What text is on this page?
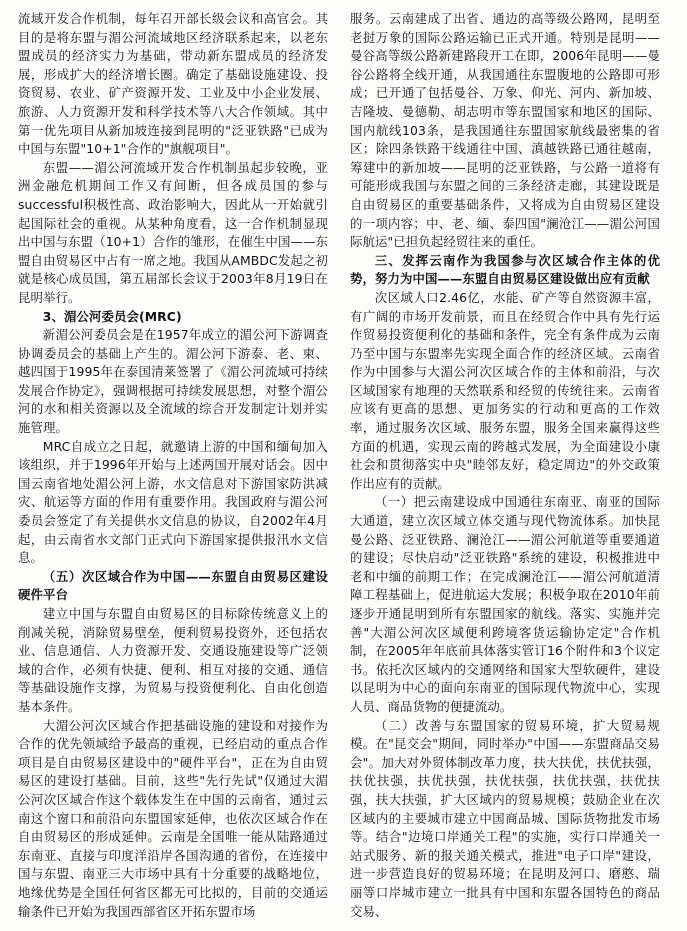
流域开发合作机制，每年召开部长级会议和高官会。其目的是将东盟与湄公河流域地区经济联系起来，以老东盟成员的经济实力为基础，带动新东盟成员的经济发展，形成扩大的经济增长圈。确定了基础设施建设、投资贸易、农业、矿产资源开发、工业及中小企业发展、旅游、人力资源开发和科学技术等八大合作领域。其中第一优先项目从新加坡连接到昆明的"泛亚铁路"已成为中国与东盟"10+1"合作的"旗舰项目"。

东盟——湄公河流域开发合作机制虽起步较晚，亚洲金融危机期间工作又有间断，但各成员国的参与successful积极性高、政治影响大，因此从一开始就引起国际社会的重视。从某种角度看，这一合作机制显现出中国与东盟（10+1）合作的雏形，在催生中国——东盟自由贸易区中占有一席之地。我国从AMBDC发起之初就是核心成员国，第五届部长会议于2003年8月19日在昆明举行。

3、湄公河委员会(MRC)

新湄公河委员会是在1957年成立的湄公河下游调查协调委员会的基础上产生的。湄公河下游泰、老、柬、越四国于1995年在泰国清莱签署了《湄公河流域可持续发展合作协定》，强调根据可持续发展思想，对整个湄公河的水和相关资源以及全流域的综合开发制定计划并实施管理。

MRC自成立之日起，就邀请上游的中国和缅甸加入该组织，并于1996年开始与上述两国开展对话会。因中国云南省地处湄公河上游，水文信息对下游国家防洪减灾、航运等方面的作用有重要作用。我国政府与湄公河委员会签定了有关提供水文信息的协议，自2002年4月起，由云南省水文部门正式向下游国家提供报汛水文信息。

（五）次区域合作为中国——东盟自由贸易区建设硬件平台

建立中国与东盟自由贸易区的目标除传统意义上的削减关税，消除贸易壁垒，便利贸易投资外，还包括农业、信息通信、人力资源开发、交通设施建设等广泛领域的合作，必须有快捷、便利、相互对接的交通、通信等基础设施作支撑，为贸易与投资便利化、自由化创造基本条件。

大湄公河次区域合作把基础设施的建设和对接作为合作的优先领域给予最高的重视，已经启动的重点合作项目是自由贸易区建设中的"硬件平台"，正在为自由贸易区的建设打基础。目前，这些"先行先试"仅通过大湄公河次区域合作这个载体发生在中国的云南省，通过云南这个窗口和前沿向东盟国家延伸，也依次区域合作在自由贸易区的形成延伸。云南是全国唯一能从陆路通过东南亚、直接与印度洋沿岸各国沟通的省份，在连接中国与东盟、南亚三大市场中具有十分重要的战略地位，地缘优势是全国任何省区都无可比拟的，目前的交通运输条件已开始为我国西部省区开拓东盟市场

服务。云南建成了出省、通边的高等级公路网，昆明至老挝万象的国际公路运输已正式开通。特别是昆明——曼谷高等级公路新建路段开工在即，2006年昆明——曼谷公路将全线开通，从我国通往东盟腹地的公路即可形成；已开通了包括曼谷、万象、仰光、河内、新加坡、吉隆坡、曼德勒、胡志明市等东盟国家和地区的国际、国内航线103条，是我国通往东盟国家航线最密集的省区；除四条铁路干线通往中国、滇越铁路已通往越南，筹建中的新加坡——昆明的泛亚铁路，与公路一道将有可能形成我国与东盟之间的三条经济走廊，其建设既是自由贸易区的重要基础条件，又将成为自由贸易区建设的一项内容；中、老、缅、泰四国"澜沧江——湄公河国际航运"已担负起经贸往来的重任。

三、发挥云南作为我国参与次区域合作主体的优势，努力为中国——东盟自由贸易区建设做出应有贡献

次区域人口2.46亿，水能、矿产等自然资源丰富，有广阔的市场开发前景，而且在经贸合作中具有先行运作贸易投资便利化的基础和条件，完全有条件成为云南乃至中国与东盟率先实现全面合作的经济区域。云南省作为中国参与大湄公河次区域合作的主体和前沿，与次区域国家有地理的天然联系和经贸的传统往来。云南省应该有更高的思想、更加务实的行动和更高的工作效率，通过服务次区域、服务东盟，服务全国来赢得这些方面的机遇，实现云南的跨越式发展，为全面建设小康社会和贯彻落实中央"睦邻友好，稳定周边"的外交政策作出应有的贡献。

（一）把云南建设成中国通往东南亚、南亚的国际大通道，建立次区域立体交通与现代物流体系。加快昆曼公路、泛亚铁路、澜沧江——湄公河航道等重要通道的建设；尽快启动"泛亚铁路"系统的建设，积极推进中老和中缅的前期工作；在完成澜沧江——湄公河航道清障工程基础上，促进航运大发展；积极争取在2010年前逐步开通昆明到所有东盟国家的航线。落实、实施并完善"大湄公河次区域便利跨境客货运输协定定"合作机制，在2005年年底前具体落实管订16个附件和3个议定书。依托次区域内的交通网络和国家大型软硬件，建设以昆明为中心的面向东南亚的国际现代物流中心，实现人员、商品货物的便捷流动。

（二）改善与东盟国家的贸易环境，扩大贸易规模。在"昆交会"期间，同时举办"中国——东盟商品交易会"。加大对外贸体制改革力度，扶大扶优，扶优扶强，扶优扶强，扶优扶强，扶优扶强，扶优扶强，扶优扶强，扶大扶强，扩大区域内的贸易规模；鼓励企业在次区域内的主要城市建立中国商品城、国际货物批发市场等。结合"边境口岸通关工程"的实施，实行口岸通关一站式服务、新的报关通关模式，推进"电子口岸"建设，进一步营造良好的贸易环境；在昆明及河口、磨憨、瑞丽等口岸城市建立一批具有中国和东盟各国特色的商品交易、
